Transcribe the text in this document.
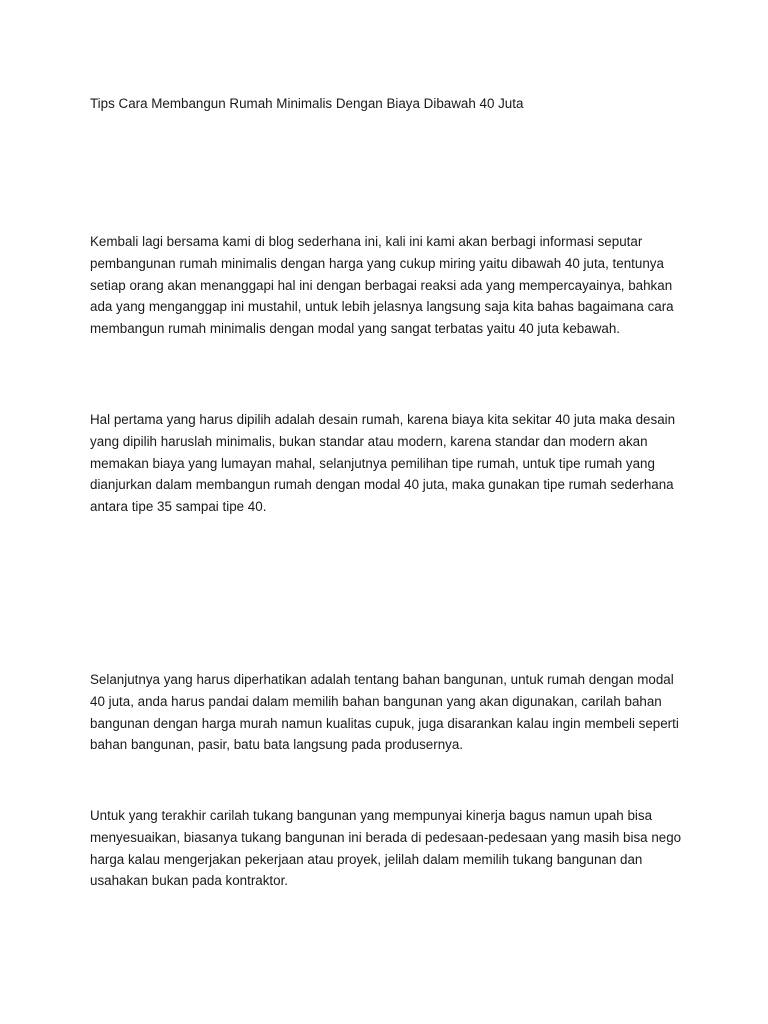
Tips Cara Membangun Rumah Minimalis Dengan Biaya Dibawah 40 Juta

Kembali lagi bersama kami di blog sederhana ini, kali ini kami akan berbagi informasi seputar pembangunan rumah minimalis dengan harga yang cukup miring yaitu dibawah 40 juta, tentunya setiap orang akan menanggapi hal ini dengan berbagai reaksi ada yang mempercayainya, bahkan ada yang menganggap ini mustahil, untuk lebih jelasnya langsung saja kita bahas bagaimana cara membangun rumah minimalis dengan modal yang sangat terbatas yaitu 40 juta kebawah.

Hal pertama yang harus dipilih adalah desain rumah, karena biaya kita sekitar 40 juta maka desain yang dipilih haruslah minimalis, bukan standar atau modern, karena standar dan modern akan memakan biaya yang lumayan mahal, selanjutnya pemilihan tipe rumah, untuk tipe rumah yang dianjurkan dalam membangun rumah dengan modal 40 juta, maka gunakan tipe rumah sederhana antara tipe 35 sampai tipe 40.

Selanjutnya yang harus diperhatikan adalah tentang bahan bangunan, untuk rumah dengan modal 40 juta, anda harus pandai dalam memilih bahan bangunan yang akan digunakan, carilah bahan bangunan dengan harga murah namun kualitas cupuk, juga disarankan kalau ingin membeli seperti bahan bangunan, pasir, batu bata langsung pada produsernya.

Untuk yang terakhir carilah tukang bangunan yang mempunyai kinerja bagus namun upah bisa menyesuaikan, biasanya tukang bangunan ini berada di pedesaan-pedesaan yang masih bisa nego harga kalau mengerjakan pekerjaan atau proyek, jelilah dalam memilih tukang bangunan dan usahakan bukan pada kontraktor.
